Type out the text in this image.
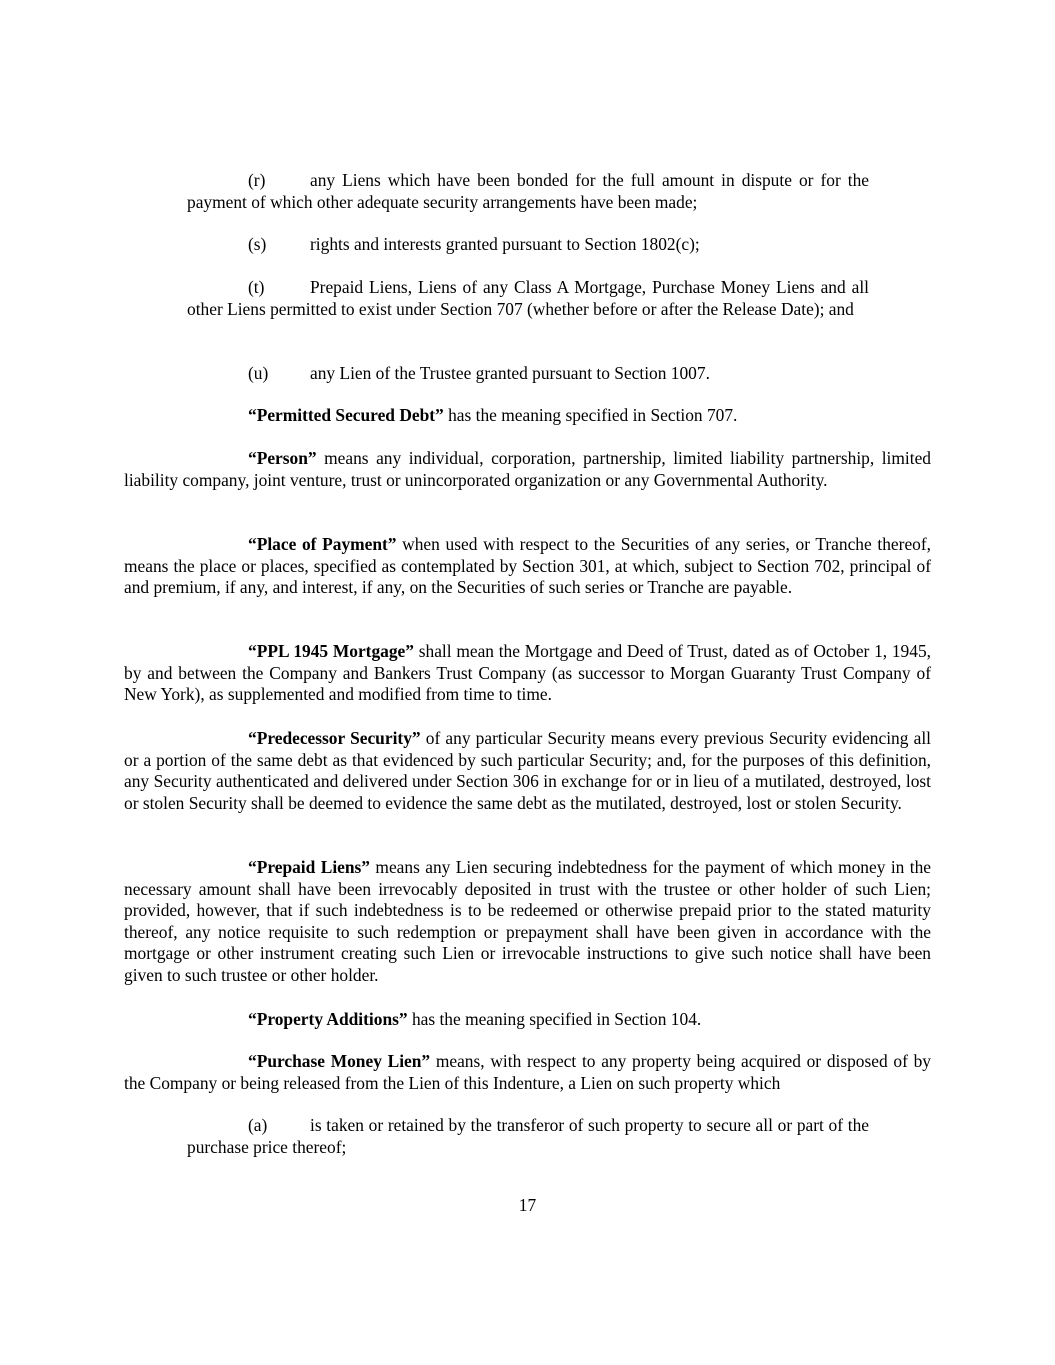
(r)	any Liens which have been bonded for the full amount in dispute or for the payment of which other adequate security arrangements have been made;

(s)	rights and interests granted pursuant to Section 1802(c);

(t)	Prepaid Liens, Liens of any Class A Mortgage, Purchase Money Liens and all other Liens permitted to exist under Section 707 (whether before or after the Release Date); and

(u) any Lien of the Trustee granted pursuant to Section 1007.

“Permitted Secured Debt” has the meaning specified in Section 707.

“Person” means any individual, corporation, partnership, limited liability partnership, limited liability company, joint venture, trust or unincorporated organization or any Governmental Authority.

“Place of Payment” when used with respect to the Securities of any series, or Tranche thereof, means the place or places, specified as contemplated by Section 301, at which, subject to Section 702, principal of and premium, if any, and interest, if any, on the Securities of such series or Tranche are payable.

“PPL 1945 Mortgage” shall mean the Mortgage and Deed of Trust, dated as of October 1, 1945, by and between the Company and Bankers Trust Company (as successor to Morgan Guaranty Trust Company of New York), as supplemented and modified from time to time.

“Predecessor Security” of any particular Security means every previous Security evidencing all or a portion of the same debt as that evidenced by such particular Security; and, for the purposes of this definition, any Security authenticated and delivered under Section 306 in exchange for or in lieu of a mutilated, destroyed, lost or stolen Security shall be deemed to evidence the same debt as the mutilated, destroyed, lost or stolen Security.

“Prepaid Liens” means any Lien securing indebtedness for the payment of which money in the necessary amount shall have been irrevocably deposited in trust with the trustee or other holder of such Lien; provided, however, that if such indebtedness is to be redeemed or otherwise prepaid prior to the stated maturity thereof, any notice requisite to such redemption or prepayment shall have been given in accordance with the mortgage or other instrument creating such Lien or irrevocable instructions to give such notice shall have been given to such trustee or other holder.

“Property Additions” has the meaning specified in Section 104.

“Purchase Money Lien” means, with respect to any property being acquired or disposed of by the Company or being released from the Lien of this Indenture, a Lien on such property which

(a) is taken or retained by the transferor of such property to secure all or part of the purchase price thereof;

17
